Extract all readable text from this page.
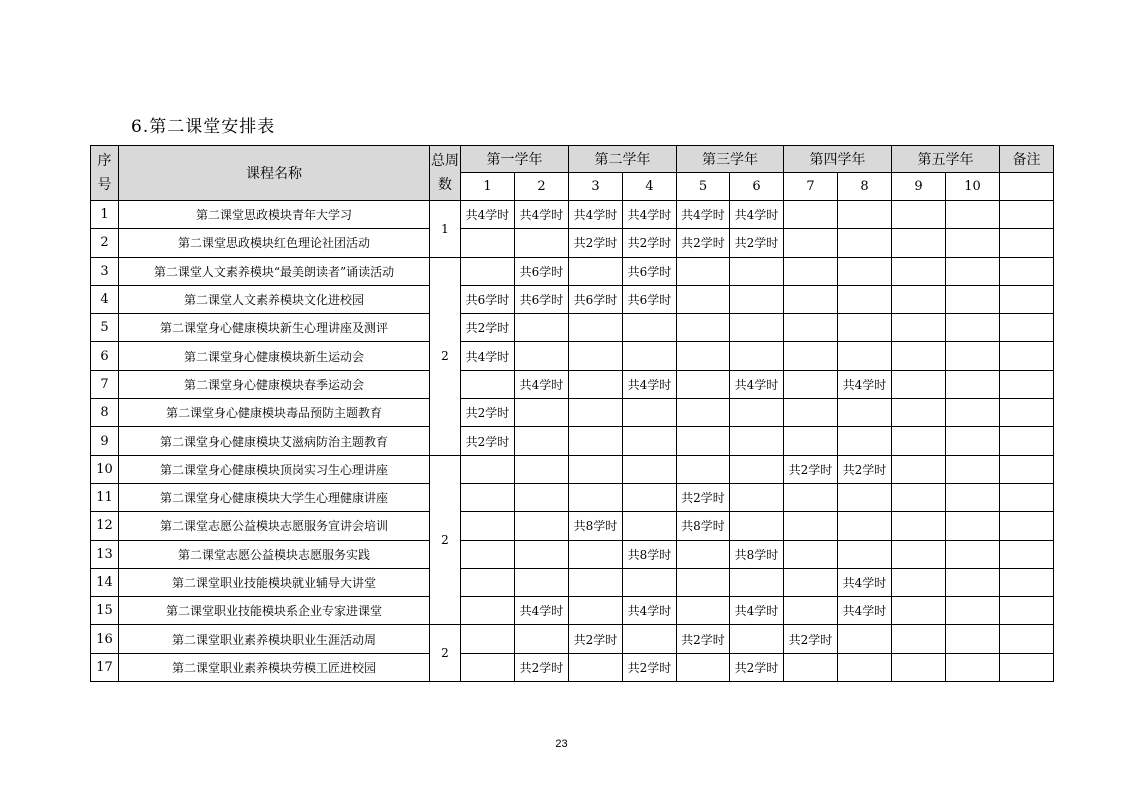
6.第二课堂安排表
序号	课程名称	总周数	第一学年		第二学年		第三学年		第四学年		第五学年		备注
			1	2	3	4	5	6	7	8	9	10	
1	第二课堂思政模块青年大学习	1	共4学时	共4学时	共4学时	共4学时	共4学时	共4学时					
2	第二课堂思政模块红色理论社团活动				共2学时	共2学时	共2学时	共2学时					
3	第二课堂人文素养模块“最美朗读者”诵读活动	2		共6学时		共6学时							
4	第二课堂人文素养模块文化进校园		共6学时	共6学时	共6学时	共6学时							
5	第二课堂身心健康模块新生心理讲座及测评		共2学时										
6	第二课堂身心健康模块新生运动会		共4学时										
7	第二课堂身心健康模块春季运动会			共4学时		共4学时		共4学时		共4学时			
8	第二课堂身心健康模块毒品预防主题教育		共2学时										
9	第二课堂身心健康模块艾滋病防治主题教育		共2学时										
10	第二课堂身心健康模块顶岗实习生心理讲座	2							共2学时	共2学时			
11	第二课堂身心健康模块大学生心理健康讲座						共2学时						
12	第二课堂志愿公益模块志愿服务宣讲会培训				共8学时		共8学时						
13	第二课堂志愿公益模块志愿服务实践					共8学时		共8学时					
14	第二课堂职业技能模块就业辅导大讲堂									共4学时			
15	第二课堂职业技能模块系企业专家进课堂			共4学时		共4学时		共4学时		共4学时			
16	第二课堂职业素养模块职业生涯活动周	2			共2学时		共2学时		共2学时				
17	第二课堂职业素养模块劳模工匠进校园			共2学时		共2学时		共2学时					
23
